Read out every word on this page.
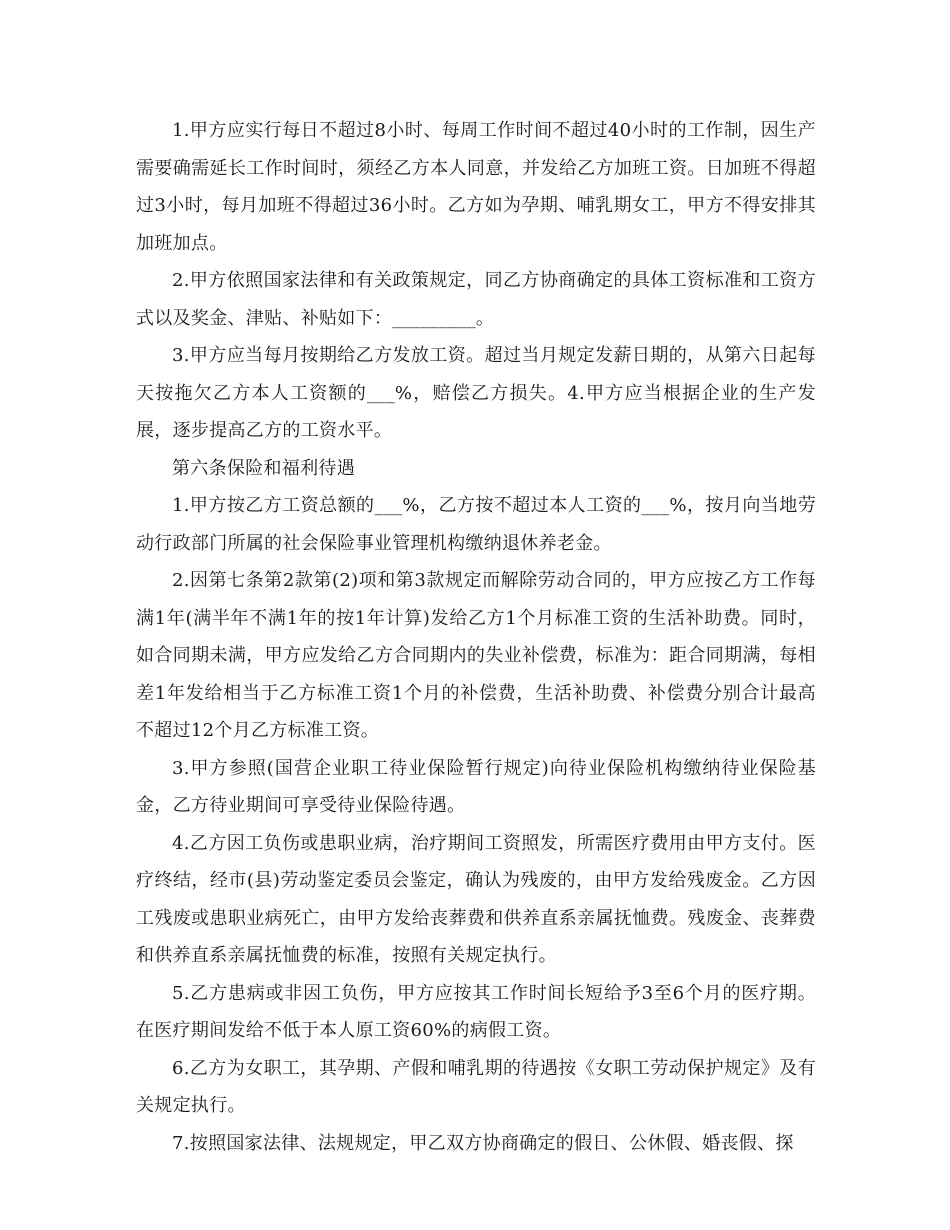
1.甲方应实行每日不超过8小时、每周工作时间不超过40小时的工作制，因生产需要确需延长工作时间时，须经乙方本人同意，并发给乙方加班工资。日加班不得超过3小时，每月加班不得超过36小时。乙方如为孕期、哺乳期女工，甲方不得安排其加班加点。

2.甲方依照国家法律和有关政策规定，同乙方协商确定的具体工资标准和工资方式以及奖金、津贴、补贴如下：_________。

3.甲方应当每月按期给乙方发放工资。超过当月规定发薪日期的，从第六日起每天按拖欠乙方本人工资额的___%，赔偿乙方损失。4.甲方应当根据企业的生产发展，逐步提高乙方的工资水平。

第六条保险和福利待遇

1.甲方按乙方工资总额的___%，乙方按不超过本人工资的___%，按月向当地劳动行政部门所属的社会保险事业管理机构缴纳退休养老金。

2.因第七条第2款第(2)项和第3款规定而解除劳动合同的，甲方应按乙方工作每满1年(满半年不满1年的按1年计算)发给乙方1个月标准工资的生活补助费。同时，如合同期未满，甲方应发给乙方合同期内的失业补偿费，标准为：距合同期满，每相差1年发给相当于乙方标准工资1个月的补偿费，生活补助费、补偿费分别合计最高不超过12个月乙方标准工资。

3.甲方参照(国营企业职工待业保险暂行规定)向待业保险机构缴纳待业保险基金，乙方待业期间可享受待业保险待遇。

4.乙方因工负伤或患职业病，治疗期间工资照发，所需医疗费用由甲方支付。医疗终结，经市(县)劳动鉴定委员会鉴定，确认为残废的，由甲方发给残废金。乙方因工残废或患职业病死亡，由甲方发给丧葬费和供养直系亲属抚恤费。残废金、丧葬费和供养直系亲属抚恤费的标准，按照有关规定执行。

5.乙方患病或非因工负伤，甲方应按其工作时间长短给予3至6个月的医疗期。在医疗期间发给不低于本人原工资60%的病假工资。

6.乙方为女职工，其孕期、产假和哺乳期的待遇按《女职工劳动保护规定》及有关规定执行。

7.按照国家法律、法规规定，甲乙双方协商确定的假日、公休假、婚丧假、探
